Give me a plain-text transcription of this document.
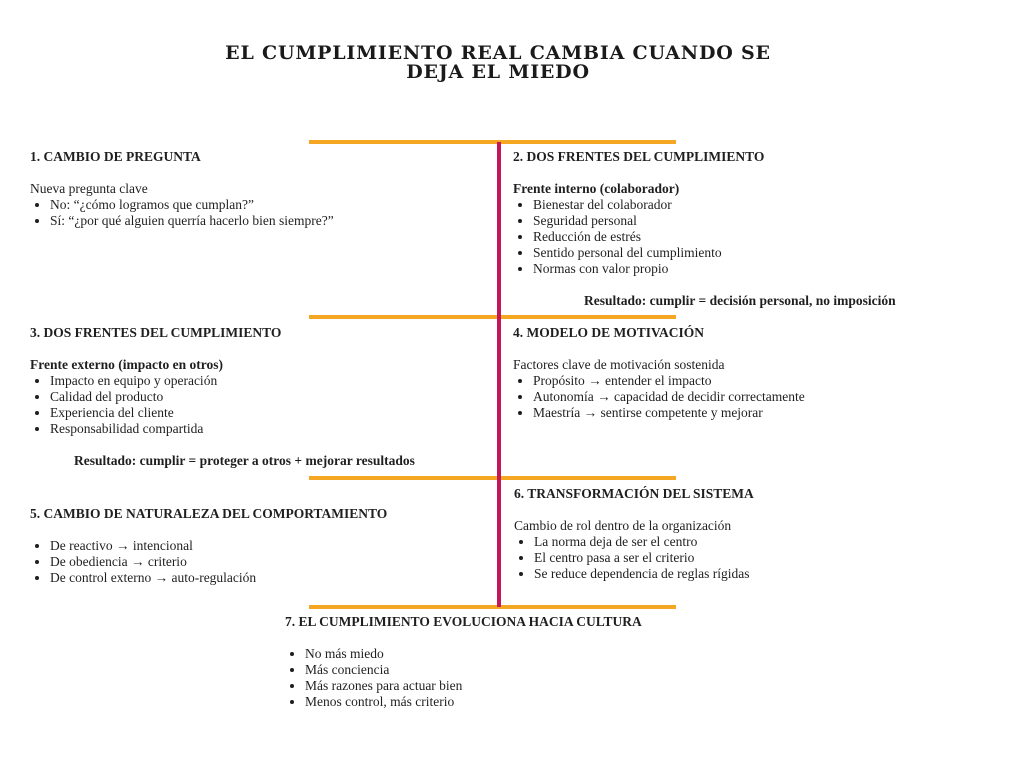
EL CUMPLIMIENTO REAL CAMBIA CUANDO SE
DEJA EL MIEDO

1. CAMBIO DE PREGUNTA

Nueva pregunta clave

• No: “¿cómo logramos que cumplan?”
• Sí: “¿por qué alguien querría hacerlo bien siempre?”

2. DOS FRENTES DEL CUMPLIMIENTO

Frente interno (colaborador)

• Bienestar del colaborador
• Seguridad personal
• Reducción de estrés
• Sentido personal del cumplimiento
• Normas con valor propio
Resultado: cumplir = decisión personal, no imposición

3. DOS FRENTES DEL CUMPLIMIENTO

Frente externo (impacto en otros)

• Impacto en equipo y operación
• Calidad del producto
• Experiencia del cliente
• Responsabilidad compartida
Resultado: cumplir = proteger a otros + mejorar resultados

4. MODELO DE MOTIVACIÓN

Factores clave de motivación sostenida

• Propósito → entender el impacto
• Autonomía → capacidad de decidir correctamente
• Maestría → sentirse competente y mejorar

5. CAMBIO DE NATURALEZA DEL COMPORTAMIENTO

• De reactivo → intencional
• De obediencia → criterio
• De control externo → auto-regulación

6. TRANSFORMACIÓN DEL SISTEMA

Cambio de rol dentro de la organización

• La norma deja de ser el centro
• El centro pasa a ser el criterio
• Se reduce dependencia de reglas rígidas

7. EL CUMPLIMIENTO EVOLUCIONA HACIA CULTURA

• No más miedo
• Más conciencia
• Más razones para actuar bien
• Menos control, más criterio
